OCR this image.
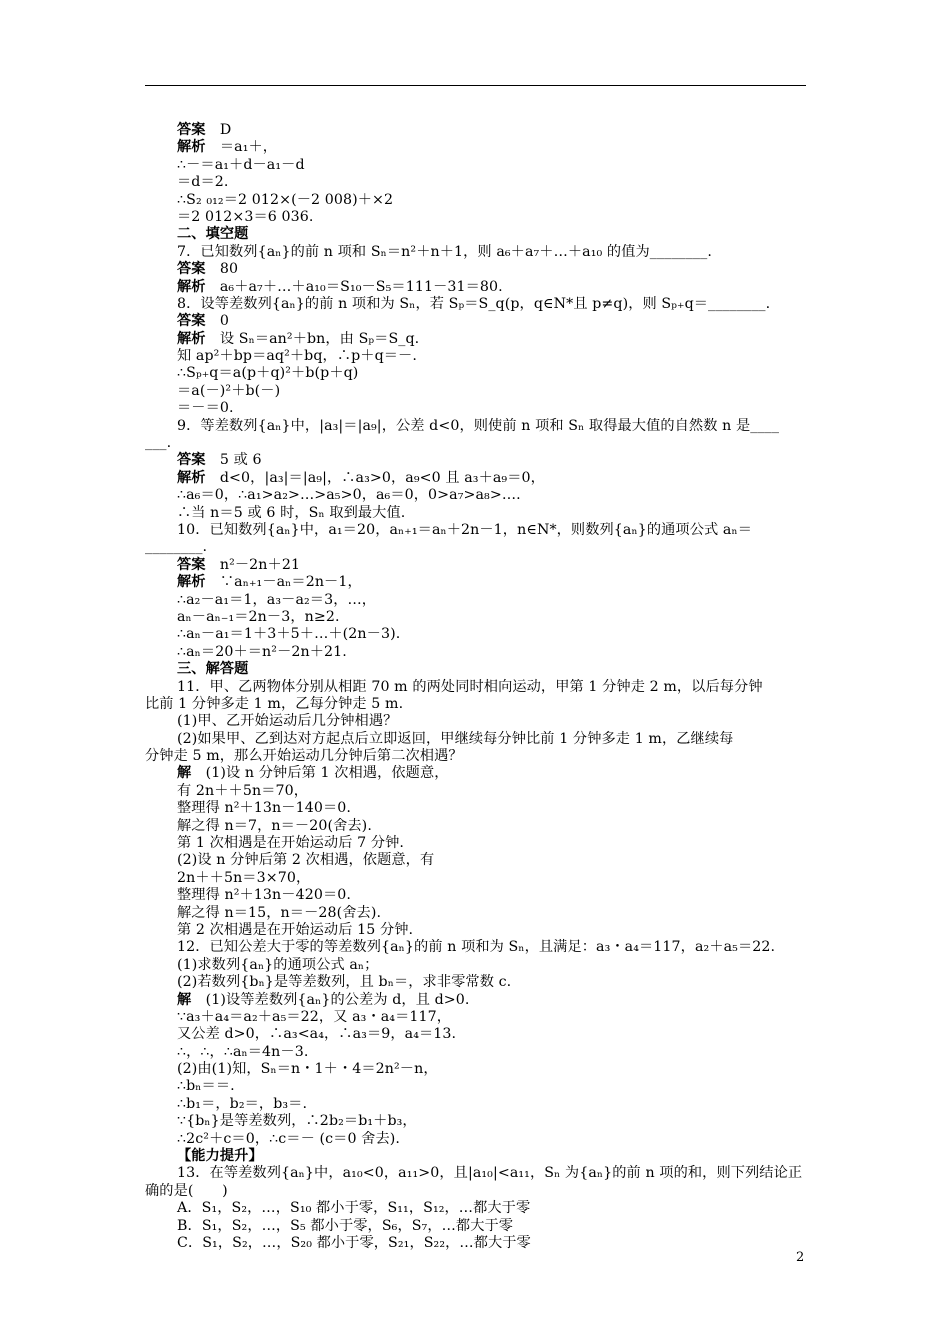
答案　D
解析　＝a₁＋，
∴－＝a₁＋d－a₁－d
＝d＝2.
∴S₂ ₀₁₂＝2 012×(－2 008)＋×2
＝2 012×3＝6 036.
二、填空题
7．已知数列{aₙ}的前 n 项和 Sₙ＝n²＋n＋1，则 a₆＋a₇＋…＋a₁₀ 的值为________.
答案　80
解析　a₆＋a₇＋…＋a₁₀＝S₁₀－S₅＝111－31＝80.
8．设等差数列{aₙ}的前 n 项和为 Sₙ，若 Sₚ＝S_q(p，q∈N*且 p≠q)，则 Sₚ₊q＝________.
答案　0
解析　设 Sₙ＝an²＋bn，由 Sₚ＝S_q.
知 ap²＋bp＝aq²＋bq，∴p＋q＝－.
∴Sₚ₊q＝a(p＋q)²＋b(p＋q)
＝a(－)²＋b(－)
＝－＝0.
9．等差数列{aₙ}中，|a₃|＝|a₉|，公差 d<0，则使前 n 项和 Sₙ 取得最大值的自然数 n 是____
___.
答案　5 或 6
解析　d<0，|a₃|＝|a₉|，∴a₃>0，a₉<0 且 a₃＋a₉＝0，
∴a₆＝0，∴a₁>a₂>…>a₅>0，a₆＝0，0>a₇>a₈>….
∴当 n＝5 或 6 时，Sₙ 取到最大值.
10．已知数列{aₙ}中，a₁＝20，aₙ₊₁＝aₙ＋2n－1，n∈N*，则数列{aₙ}的通项公式 aₙ＝
________.
答案　n²－2n＋21
解析　∵aₙ₊₁－aₙ＝2n－1，
∴a₂－a₁＝1，a₃－a₂＝3，…，
aₙ－aₙ₋₁＝2n－3，n≥2.
∴aₙ－a₁＝1＋3＋5＋…＋(2n－3).
∴aₙ＝20＋＝n²－2n＋21.
三、解答题
11．甲、乙两物体分别从相距 70 m 的两处同时相向运动，甲第 1 分钟走 2 m，以后每分钟
比前 1 分钟多走 1 m，乙每分钟走 5 m.
(1)甲、乙开始运动后几分钟相遇？
(2)如果甲、乙到达对方起点后立即返回，甲继续每分钟比前 1 分钟多走 1 m，乙继续每
分钟走 5 m，那么开始运动几分钟后第二次相遇？
解　(1)设 n 分钟后第 1 次相遇，依题意，
有 2n＋＋5n＝70，
整理得 n²＋13n－140＝0.
解之得 n＝7，n＝－20(舍去).
第 1 次相遇是在开始运动后 7 分钟.
(2)设 n 分钟后第 2 次相遇，依题意，有
2n＋＋5n＝3×70，
整理得 n²＋13n－420＝0.
解之得 n＝15，n＝－28(舍去).
第 2 次相遇是在开始运动后 15 分钟.
12．已知公差大于零的等差数列{aₙ}的前 n 项和为 Sₙ，且满足：a₃・a₄＝117，a₂＋a₅＝22.
(1)求数列{aₙ}的通项公式 aₙ；
(2)若数列{bₙ}是等差数列，且 bₙ＝，求非零常数 c.
解　(1)设等差数列{aₙ}的公差为 d，且 d>0.
∵a₃＋a₄＝a₂＋a₅＝22，又 a₃・a₄＝117，
又公差 d>0，∴a₃<a₄，∴a₃＝9，a₄＝13.
∴，∴，∴aₙ＝4n－3.
(2)由(1)知，Sₙ＝n・1＋・4＝2n²－n，
∴bₙ＝＝.
∴b₁＝，b₂＝，b₃＝.
∵{bₙ}是等差数列，∴2b₂＝b₁＋b₃，
∴2c²＋c＝0，∴c＝－ (c＝0 舍去).
【能力提升】
13．在等差数列{aₙ}中，a₁₀<0，a₁₁>0，且|a₁₀|<a₁₁，Sₙ 为{aₙ}的前 n 项的和，则下列结论正
确的是(　　)
A．S₁，S₂，…，S₁₀ 都小于零，S₁₁，S₁₂，…都大于零
B．S₁，S₂，…，S₅ 都小于零，S₆，S₇，…都大于零
C．S₁，S₂，…，S₂₀ 都小于零，S₂₁，S₂₂，…都大于零
2
